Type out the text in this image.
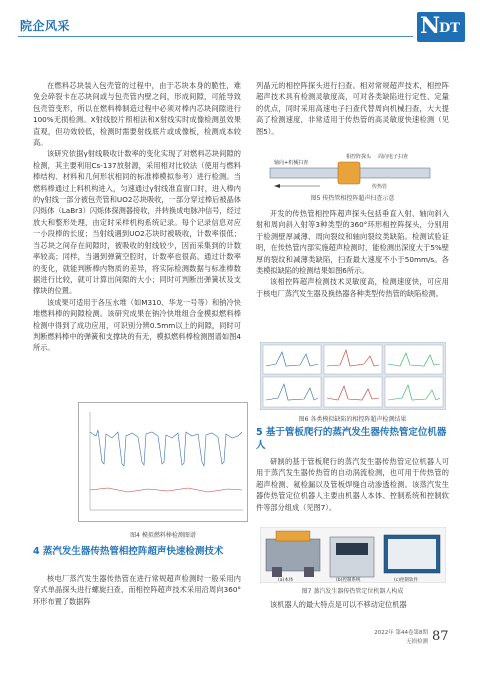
院企风采	N
DT

在燃料芯块装入包壳管的过程中，由于芯块本身的脆性，难免会碎裂卡在芯块间或与包壳管内壁之间，形成间隙，可能导致包壳管变形，所以在燃料棒制造过程中必须对棒内芯块间隙进行100%无损检测。X射线胶片照相法和X射线实时成像检测虽效果直观，但功效较低，检测时需要射线底片或成像板，检测成本较高。

该研究依据γ射线吸收计数率的变化实现了对燃料芯块间隙的检测，其主要利用Cs-137放射源，采用相对比较法（使用与燃料棒结构、材料和几何形状相同的标准棒模拟参考）进行检测。当燃料棒通过上料机构进入，匀速通过γ射线准直窗口时，进入棒内的γ射线一部分被包壳管和UO2芯块吸收，一部分穿过棒后被晶体闪烁体（LaBr3）闪烁体探测器接收，并转换成电脉冲信号，经过放大和整形处理，由定时采样机构系统记录。每个记录信息对应一小段棒的长度；当射线遇到UO2芯块时被吸收，计数率很低；当芯块之间存在间隙时，被吸收的射线较少，因而采集到的计数率较高；同样，当遇到弹簧空腔时，计数率也很高。通过计数率的变化，就能判断棒内物质的差异，将实际检测数据与标准棒数据进行比较，就可计算出间隙的大小；同时可判断出弹簧状及支撑块的位置。

该成果可适用于各压水堆（如M310、华龙一号等）和钠冷快堆燃料棒的间隙检测。该研究成果在钠冷快堆组合金模拟燃料棒检测中得到了成功应用，可识别分辨0.5mm以上的间隙，同时可判断燃料棒中的弹簧和支撑块的有无，模拟燃料棒检测图谱如图4所示。

图4 模拟燃料棒检测图谱
4 蒸汽发生器传热管相控阵超声快速检测技术

核电厂蒸汽发生器传热管在进行常规超声检测时一般采用内穿式单晶探头进行螺旋扫查，而相控阵超声技术采用沿周向360°环形布置了数据阵

列晶元的相控阵探头进行扫查。相对常规超声技术，相控阵超声技术具有检测灵敏度高，可对各类缺陷进行定性、定量的优点，同时采用高速电子扫查代替周向机械扫查，大大提高了检测速度，非常适用于传热管的高灵敏度快速检测（见图5）。

相控阵探头
轴向+机械扫查
传热管
周向电子扫查
图5 传热管相控阵超声扫查示意

开发的传热管相控阵超声探头包括垂直入射、轴向斜入射和周向斜入射等3种类型的360°环形相控阵探头，分别用于检测壁厚减薄、周向裂纹和轴向裂纹类缺陷。检测试验证明，在传热管内部实施超声检测时，能检测出深度大于5%壁厚的裂纹和减薄类缺陷，扫查最大速度不小于50mm/s。各类模拟缺陷的检测结果如图6所示。

该相控阵超声检测技术灵敏度高，检测速度快，可应用于核电厂蒸汽发生器及换热器各种类型传热管的缺陷检测。

图6 各类模拟缺陷的相控阵超声检测结果
5 基于管板爬行的蒸汽发生器传热管定位机器人

研制的基于管板爬行的蒸汽发生器传热管定位机器人可用于蒸汽发生器传热管的自动涡流检测，也可用于传热管的超声检测、氦检漏以及管板焊缝自动渗透检测。该蒸汽发生器传热管定位机器人主要由机器人本体、控制系统和控制软件等部分组成（见图7）。

(a)本体	(b)控制系统	(c)控制软件
图7 蒸汽发生器传热管定位机器人构成

该机器人的最大特点是可以不移动定位机器

2022年 第44卷第8期
无损检测 87
